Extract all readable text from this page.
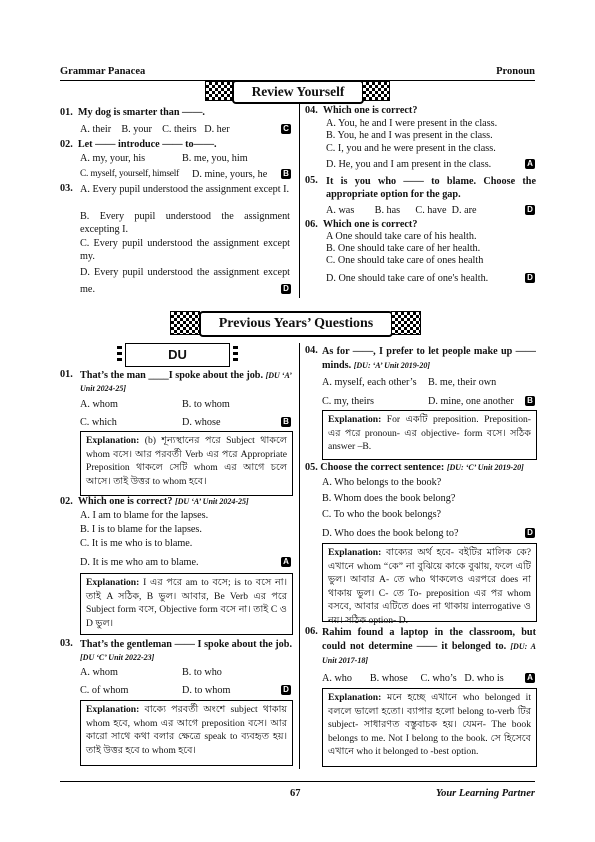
Grammar Panacea	Pronoun
Review Yourself
01. My dog is smarter than ——.
A. their B. your C. theirs D. her	C
02. Let —— introduce —— to——.
A. my, your, his	B. me, you, him
C. myself, yourself, himself D. mine, yours, he B
03. A. Every pupil understood the assignment except I.
B. Every pupil understood the assignment excepting I.
C. Every pupil understood the assignment except my.
D. Every pupil understood the assignment except me.	D
04. Which one is correct?
A. You, he and I were present in the class.
B. You, he and I was present in the class.
C. I, you and he were present in the class.
D. He, you and I am present in the class.	A
05. It is you who —— to blame. Choose the appropriate option for the gap.
A. was B. has C. have D. are	D
06. Which one is correct?
A One should take care of his health.
B. One should take care of her health.
C. One should take care of ones health
D. One should take care of one's health.	D
Previous Years’ Questions
DU
01. That’s the man ____I spoke about the job. [DU ‘A’ Unit 2024-25]
A. whom	B. to whom
C. which	D. whose	B
Explanation: (b) শূন্যস্থানের পরে Subject থাকলে whom বসে। আর পরবর্তী Verb এর পরে Appropriate Preposition থাকলে সেটি whom এর আগে চলে আসে। তাই উত্তর to whom হবে।
02. Which one is correct? [DU ‘A’ Unit 2024-25]
A. I am to blame for the lapses.
B. I is to blame for the lapses.
C. It is me who is to blame.
D. It is me who am to blame.	A
Explanation: I এর পরে am to বসে; is to বসে না। তাই A সঠিক, B ভুল। আবার, Be Verb এর পরে Subject form বসে, Objective form বসে না। তাই C ও D ভুল।
03. That’s the gentleman —— I spoke about the job. [DU ‘C’ Unit 2022-23]
A. whom	B. to who
C. of whom	D. to whom	D
Explanation: বাক্যে পরবর্তী অংশে subject থাকায় whom হবে, whom এর আগে preposition বসে। আর কারো সাথে কথা বলার ক্ষেত্রে speak to ব্যবহৃত হয়। তাই উত্তর হবে to whom হবে।
04. As for ——, I prefer to let people make up —— minds. [DU: ‘A’ Unit 2019-20]
A. myself, each other’s B. me, their own
C. my, theirs	D. mine, one another B
Explanation: For একটি preposition. Preposition-এর পরে pronoun- এর objective- form বসে। সঠিক answer –B.
05. Choose the correct sentence: [DU: ‘C’ Unit 2019-20]
A. Who belongs to the book?
B. Whom does the book belong?
C. To who the book belongs?
D. Who does the book belong to?	D
Explanation: বাক্যের অর্থ হবে- বইটির মালিক কে? এখানে whom “কে” না বুঝিয়ে কাকে বুঝায়, ফলে এটি ভুল। আবার A- তে who থাকলেও এরপরে does না থাকায় ভুল। C- তে To- preposition এর পর whom বসবে, আবার এটিতে does না থাকায় interrogative ও নয়। সঠিক option- D.
06. Rahim found a laptop in the classroom, but could not determine —— it belonged to. [DU: A Unit 2017-18]
A. who B. whose C. who’s D. who is	A
Explanation: মনে হচ্ছে এখানে who belonged it বললে ভালো হতো। ব্যাপার হলো belong to-verb টির subject- সাধারণত বস্তুবাচক হয়। যেমন- The book belongs to me. Not I belong to the book. সে হিসেবে এখানে who it belonged to -best option.
67	Your Learning Partner
